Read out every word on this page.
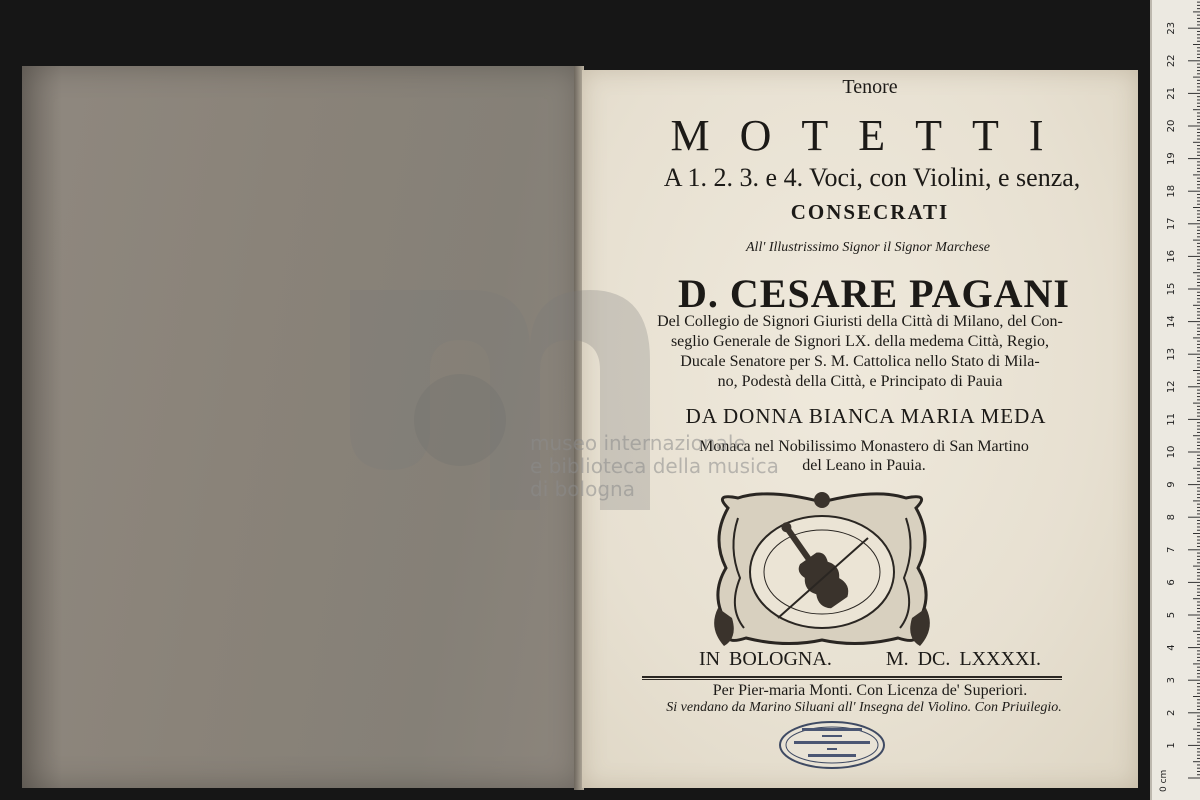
Tenore
MOTETTI
A 1. 2. 3. e 4. Voci, con Violini, e senza,
CONSECRATI
All' Illustrissimo Signor il Signor Marchese
D. CESARE PAGANI
Del Collegio de Signori Giuristi della Città di Milano, del Con-
seglio Generale de Signori LX. della medema Città, Regio,
Ducale Senatore per S. M. Cattolica nello Stato di Mila-
no, Podestà della Città, e Principato di Pauia
DA DONNA BIANCA MARIA MEDA
Monaca nel Nobilissimo Monastero di San Martino
del Leano in Pauia.
IN BOLOGNA.	M. DC. LXXXXI.
Per Pier-maria Monti. Con Licenza de' Superiori.
Si vendano da Marino Siluani all' Insegna del Violino. Con Priuilegio.
museo internazionale
e biblioteca della musica
di bologna
1
2
3
4
5
6
7
8
9
10
11
12
13
14
15
16
17
18
19
20
21
22
23
0 cm
